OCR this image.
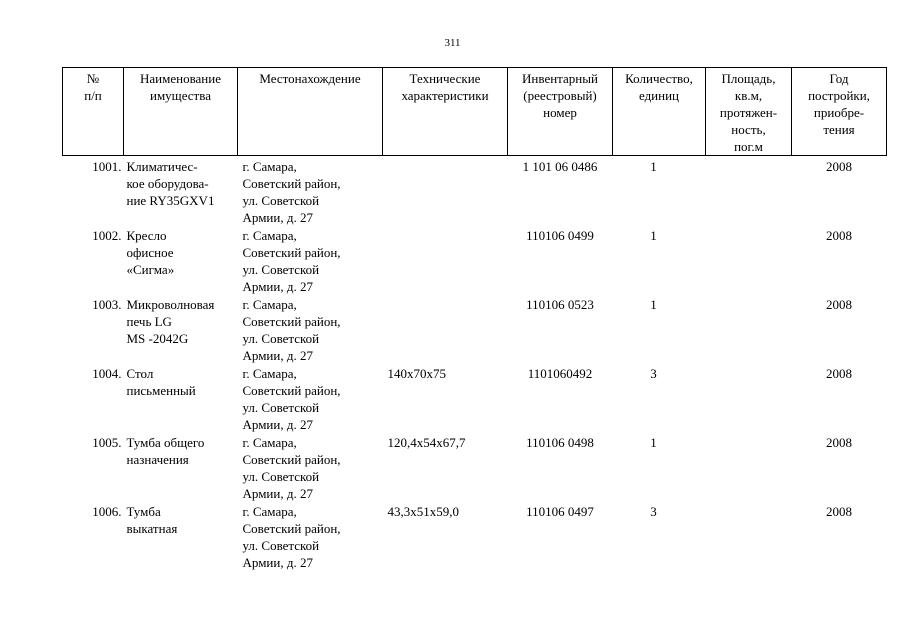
311
№
п/п	Наименование
имущества	Местонахождение	Технические
характеристики	Инвентарный
(реестровый)
номер	Количество,
единиц	Площадь,
кв.м,
протяжен-
ность,
пог.м	Год
постройки,
приобре-
тения
1001.	Климатичес-
кое оборудова-
ние RY35GXV1	г. Самара,
Советский район,
ул. Советской
Армии, д. 27		1 101 06 0486	1		2008
1002.	Кресло
офисное
«Сигма»	г. Самара,
Советский район,
ул. Советской
Армии, д. 27		110106 0499	1		2008
1003.	Микроволновая
печь LG
MS -2042G	г. Самара,
Советский район,
ул. Советской
Армии, д. 27		110106 0523	1		2008
1004.	Стол
письменный	г. Самара,
Советский район,
ул. Советской
Армии, д. 27	140х70х75	1101060492	3		2008
1005.	Тумба общего
назначения	г. Самара,
Советский район,
ул. Советской
Армии, д. 27	120,4х54х67,7	110106 0498	1		2008
1006.	Тумба
выкатная	г. Самара,
Советский район,
ул. Советской
Армии, д. 27	43,3х51х59,0	110106 0497	3		2008
